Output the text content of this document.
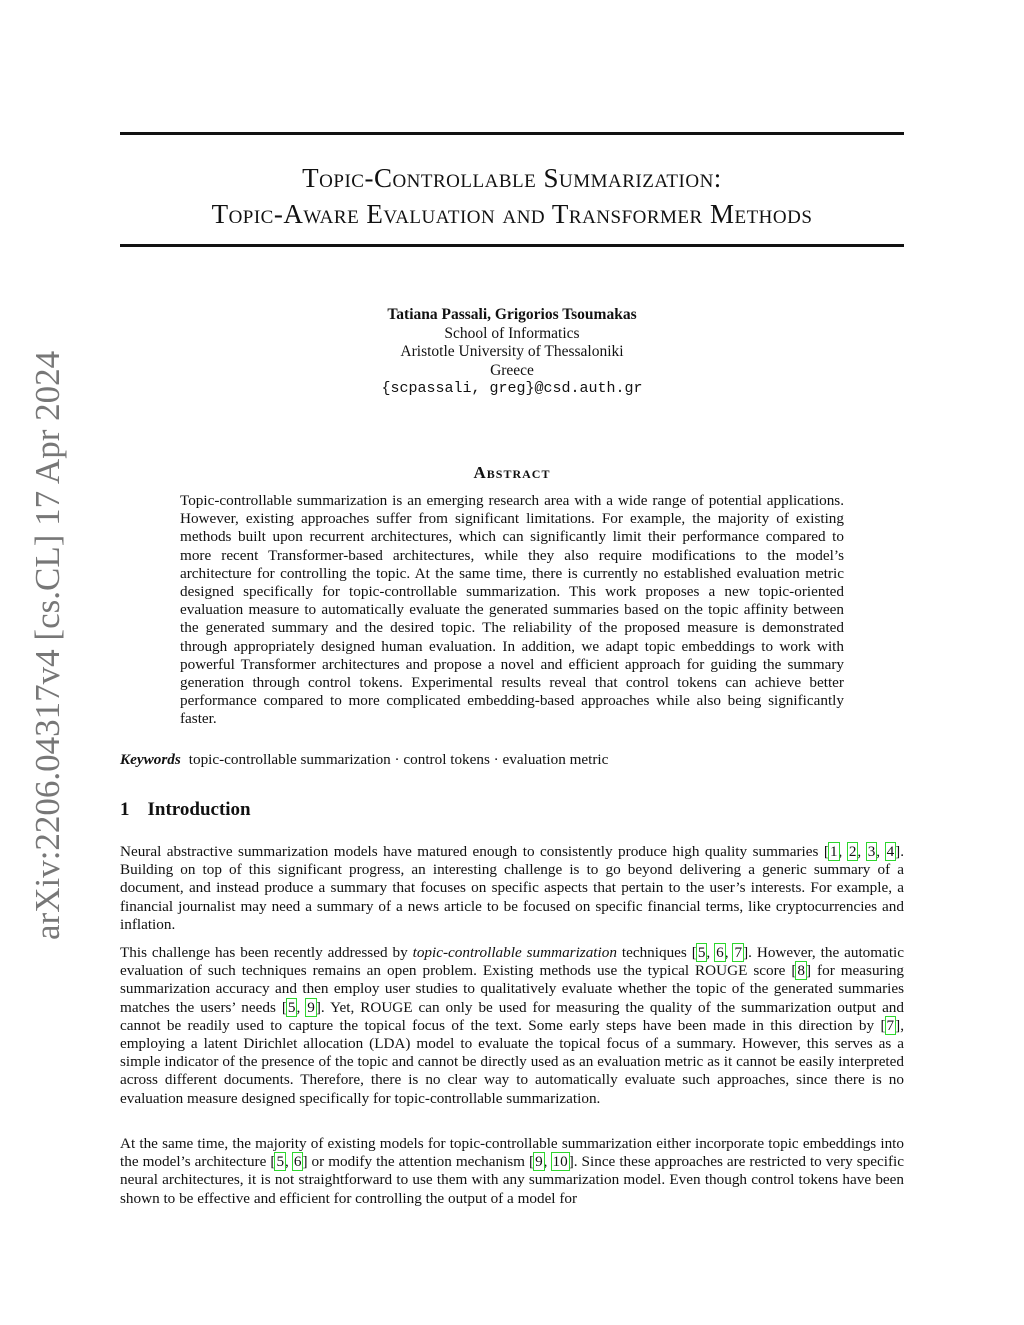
Topic-Controllable Summarization:
Topic-Aware Evaluation and Transformer Methods
arXiv:2206.04317v4 [cs.CL] 17 Apr 2024
Tatiana Passali, Grigorios Tsoumakas
School of Informatics
Aristotle University of Thessaloniki
Greece
{scpassali, greg}@csd.auth.gr
Abstract
Topic-controllable summarization is an emerging research area with a wide range of potential applications. However, existing approaches suffer from significant limitations. For example, the majority of existing methods built upon recurrent architectures, which can significantly limit their performance compared to more recent Transformer-based architectures, while they also require modifications to the model’s architecture for controlling the topic. At the same time, there is currently no established evaluation metric designed specifically for topic-controllable summarization. This work proposes a new topic-oriented evaluation measure to automatically evaluate the generated summaries based on the topic affinity between the generated summary and the desired topic. The reliability of the proposed measure is demonstrated through appropriately designed human evaluation. In addition, we adapt topic embeddings to work with powerful Transformer architectures and propose a novel and efficient approach for guiding the summary generation through control tokens. Experimental results reveal that control tokens can achieve better performance compared to more complicated embedding-based approaches while also being significantly faster.
Keywords topic-controllable summarization · control tokens · evaluation metric
1 Introduction
Neural abstractive summarization models have matured enough to consistently produce high quality summaries [1, 2, 3, 4]. Building on top of this significant progress, an interesting challenge is to go beyond delivering a generic summary of a document, and instead produce a summary that focuses on specific aspects that pertain to the user’s interests. For example, a financial journalist may need a summary of a news article to be focused on specific financial terms, like cryptocurrencies and inflation.
This challenge has been recently addressed by topic-controllable summarization techniques [5, 6, 7]. However, the automatic evaluation of such techniques remains an open problem. Existing methods use the typical ROUGE score [8] for measuring summarization accuracy and then employ user studies to qualitatively evaluate whether the topic of the generated summaries matches the users’ needs [5, 9]. Yet, ROUGE can only be used for measuring the quality of the summarization output and cannot be readily used to capture the topical focus of the text. Some early steps have been made in this direction by [7], employing a latent Dirichlet allocation (LDA) model to evaluate the topical focus of a summary. However, this serves as a simple indicator of the presence of the topic and cannot be directly used as an evaluation metric as it cannot be easily interpreted across different documents. Therefore, there is no clear way to automatically evaluate such approaches, since there is no evaluation measure designed specifically for topic-controllable summarization.
At the same time, the majority of existing models for topic-controllable summarization either incorporate topic embeddings into the model’s architecture [5, 6] or modify the attention mechanism [9, 10]. Since these approaches are restricted to very specific neural architectures, it is not straightforward to use them with any summarization model. Even though control tokens have been shown to be effective and efficient for controlling the output of a model for
